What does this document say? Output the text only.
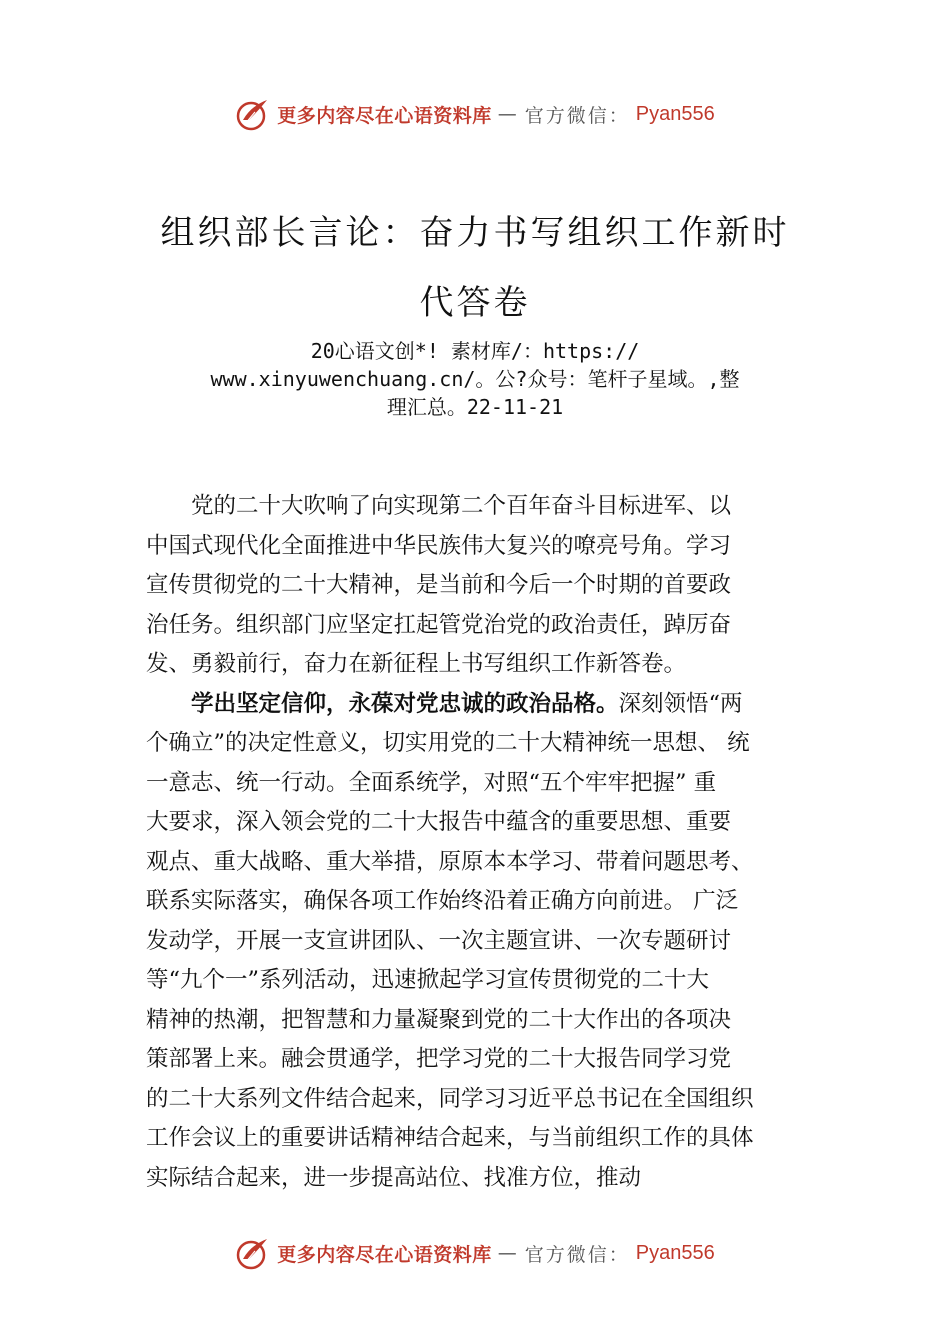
更多内容尽在心语资料库 — 官方微信： Pyan556
组织部长言论：奋力书写组织工作新时
代答卷
20心语文创*! 素材库/：https://
www.xinyuwenchuang.cn/。公?众号：笔杆子星域。,整
理汇总。22-11-21
　　党的二十大吹响了向实现第二个百年奋斗目标进军、以
中国式现代化全面推进中华民族伟大复兴的嘹亮号角。学习
宣传贯彻党的二十大精神，是当前和今后一个时期的首要政
治任务。组织部门应坚定扛起管党治党的政治责任，踔厉奋
发、勇毅前行，奋力在新征程上书写组织工作新答卷。
　　学出坚定信仰，永葆对党忠诚的政治品格。深刻领悟“两
个确立”的决定性意义，切实用党的二十大精神统一思想、 统
一意志、统一行动。全面系统学，对照“五个牢牢把握” 重
大要求，深入领会党的二十大报告中蕴含的重要思想、重要
观点、重大战略、重大举措，原原本本学习、带着问题思考、
联系实际落实，确保各项工作始终沿着正确方向前进。 广泛
发动学，开展一支宣讲团队、一次主题宣讲、一次专题研讨
等“九个一”系列活动，迅速掀起学习宣传贯彻党的二十大
精神的热潮，把智慧和力量凝聚到党的二十大作出的各项决
策部署上来。融会贯通学，把学习党的二十大报告同学习党
的二十大系列文件结合起来，同学习习近平总书记在全国组织
工作会议上的重要讲话精神结合起来，与当前组织工作的具体
实际结合起来，进一步提高站位、找准方位，推动
更多内容尽在心语资料库 — 官方微信： Pyan556
